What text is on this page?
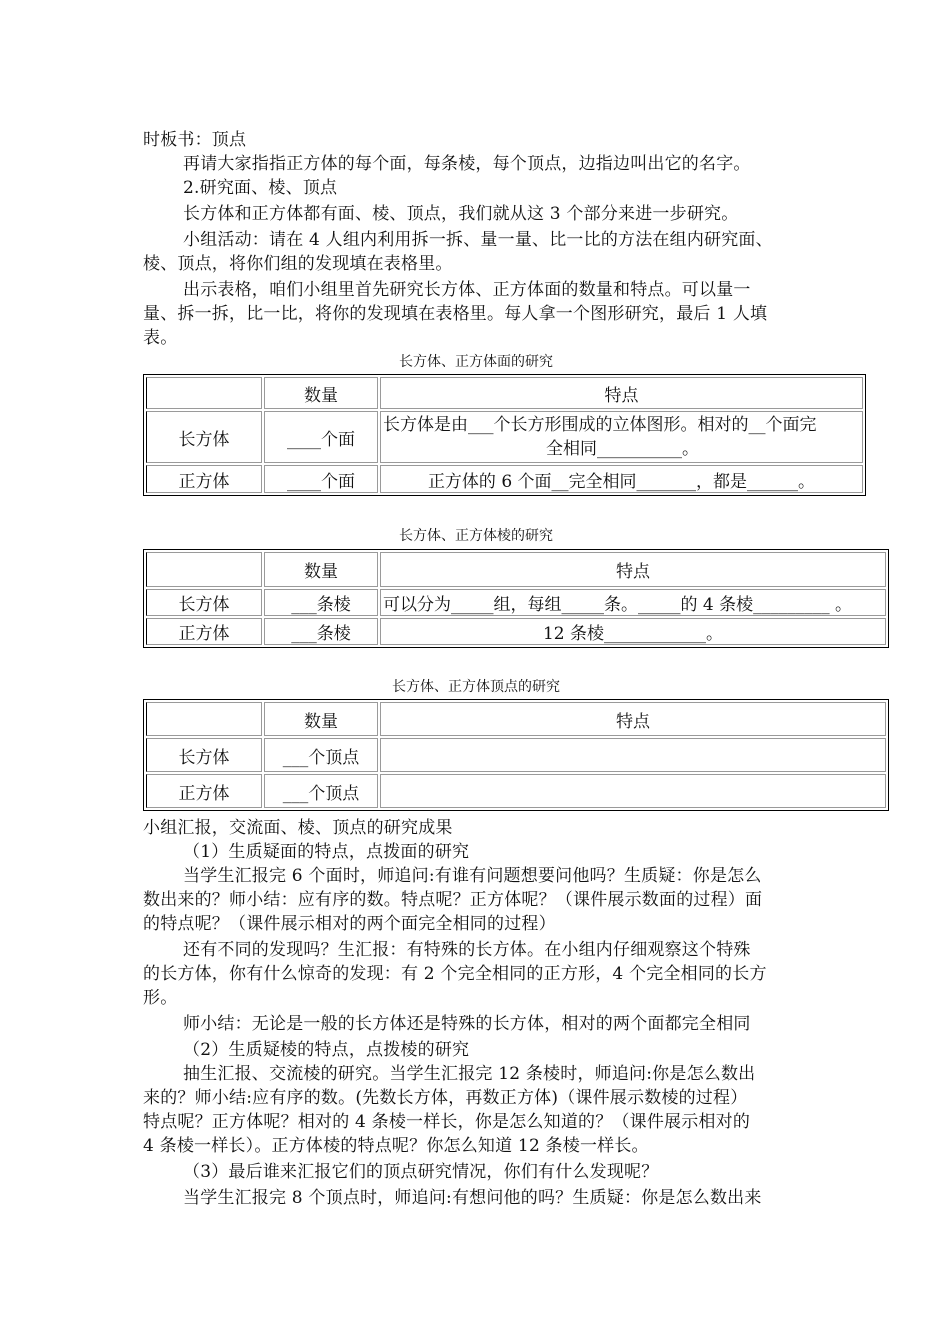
时板书：顶点
再请大家指指正方体的每个面，每条棱，每个顶点，边指边叫出它的名字。
2.研究面、棱、顶点
长方体和正方体都有面、棱、顶点，我们就从这 3 个部分来进一步研究。
小组活动：请在 4 人组内利用拆一拆、量一量、比一比的方法在组内研究面、
棱、顶点，将你们组的发现填在表格里。
出示表格，咱们小组里首先研究长方体、正方体面的数量和特点。可以量一
量、拆一拆，比一比，将你的发现填在表格里。每人拿一个图形研究，最后 1 人填
表。
长方体、正方体面的研究
	数量	特点
长方体	____个面	长方体是由___个长方形围成的立体图形。相对的__个面完
全相同__________。

正方体	____个面	正方体的 6 个面__完全相同_______，都是______。
长方体、正方体棱的研究
	数量	特点
长方体	___条棱	可以分为_____组，每组_____条。_____的 4 条棱_________ 。
正方体	___条棱	12 条棱____________。
长方体、正方体顶点的研究
	数量	特点
长方体	___个顶点	
正方体	___个顶点	
小组汇报，交流面、棱、顶点的研究成果
（1）生质疑面的特点，点拨面的研究
当学生汇报完 6 个面时，师追问:有谁有问题想要问他吗？生质疑：你是怎么
数出来的？师小结：应有序的数。特点呢？正方体呢？（课件展示数面的过程）面
的特点呢？（课件展示相对的两个面完全相同的过程）
还有不同的发现吗？生汇报：有特殊的长方体。在小组内仔细观察这个特殊
的长方体，你有什么惊奇的发现：有 2 个完全相同的正方形，4 个完全相同的长方
形。
师小结：无论是一般的长方体还是特殊的长方体，相对的两个面都完全相同
（2）生质疑棱的特点，点拨棱的研究
抽生汇报、交流棱的研究。当学生汇报完 12 条棱时，师追问:你是怎么数出
来的？师小结:应有序的数。(先数长方体，再数正方体)（课件展示数棱的过程）
特点呢？正方体呢？相对的 4 条棱一样长，你是怎么知道的？（课件展示相对的
4 条棱一样长）。正方体棱的特点呢？你怎么知道 12 条棱一样长。
（3）最后谁来汇报它们的顶点研究情况，你们有什么发现呢？
当学生汇报完 8 个顶点时，师追问:有想问他的吗？生质疑：你是怎么数出来
